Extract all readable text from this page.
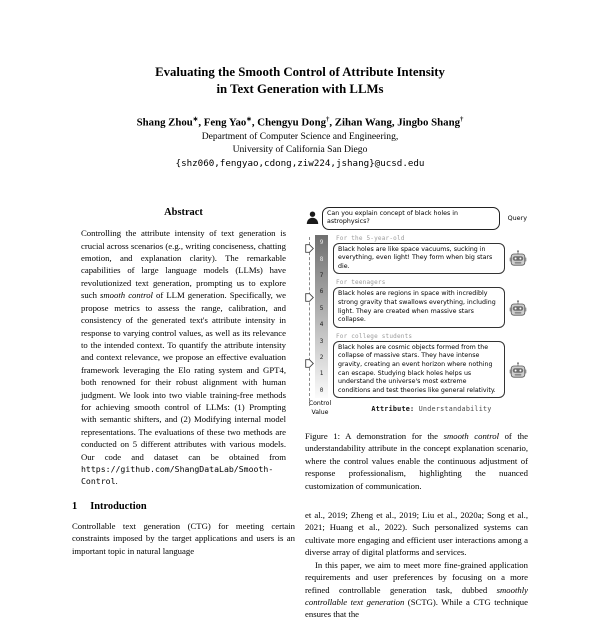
Evaluating the Smooth Control of Attribute Intensity
in Text Generation with LLMs
Shang Zhou∗, Feng Yao∗, Chengyu Dong†, Zihan Wang, Jingbo Shang†
Department of Computer Science and Engineering,
University of California San Diego
{shz060,fengyao,cdong,ziw224,jshang}@ucsd.edu
Abstract
Controlling the attribute intensity of text generation is crucial across scenarios (e.g., writing conciseness, chatting emotion, and explanation clarity). The remarkable capabilities of large language models (LLMs) have revolutionized text generation, prompting us to explore such smooth control of LLM generation. Specifically, we propose metrics to assess the range, calibration, and consistency of the generated text's attribute intensity in response to varying control values, as well as its relevance to the intended context. To quantify the attribute intensity and context relevance, we propose an effective evaluation framework leveraging the Elo rating system and GPT4, both renowned for their robust alignment with human judgment. We look into two viable training-free methods for achieving smooth control of LLMs: (1) Prompting with semantic shifters, and (2) Modifying internal model representations. The evaluations of these two methods are conducted on 5 different attributes with various models. Our code and dataset can be obtained from https://github.com/ShangDataLab/Smooth-Control.
1 Introduction
Controllable text generation (CTG) for meeting certain constraints imposed by the target applications and users is an important topic in natural language
Can you explain concept of black holes in astrophysics?	Query
9
8
7
6
5
4
3
2
1
0
For the 5-year-old
Black holes are like space vacuums, sucking in everything, even light! They form when big stars die.
For teenagers
Black holes are regions in space with incredibly strong gravity that swallows everything, including light. They are created when massive stars collapse.
For college students
Black holes are cosmic objects formed from the collapse of massive stars. They have intense gravity, creating an event horizon where nothing can escape. Studying black holes helps us understand the universe's most extreme conditions and test theories like general relativity.
Control
Value	Attribute: Understandability
Figure 1: A demonstration for the smooth control of the understandability attribute in the concept explanation scenario, where the control values enable the continuous adjustment of response professionalism, highlighting the nuanced customization of communication.
et al., 2019; Zheng et al., 2019; Liu et al., 2020a; Song et al., 2021; Huang et al., 2022). Such personalized systems can cultivate more engaging and efficient user interactions among a diverse array of digital platforms and services.
In this paper, we aim to meet more fine-grained application requirements and user preferences by focusing on a more refined controllable generation task, dubbed smoothly controllable text generation (SCTG). While a CTG technique ensures that the
